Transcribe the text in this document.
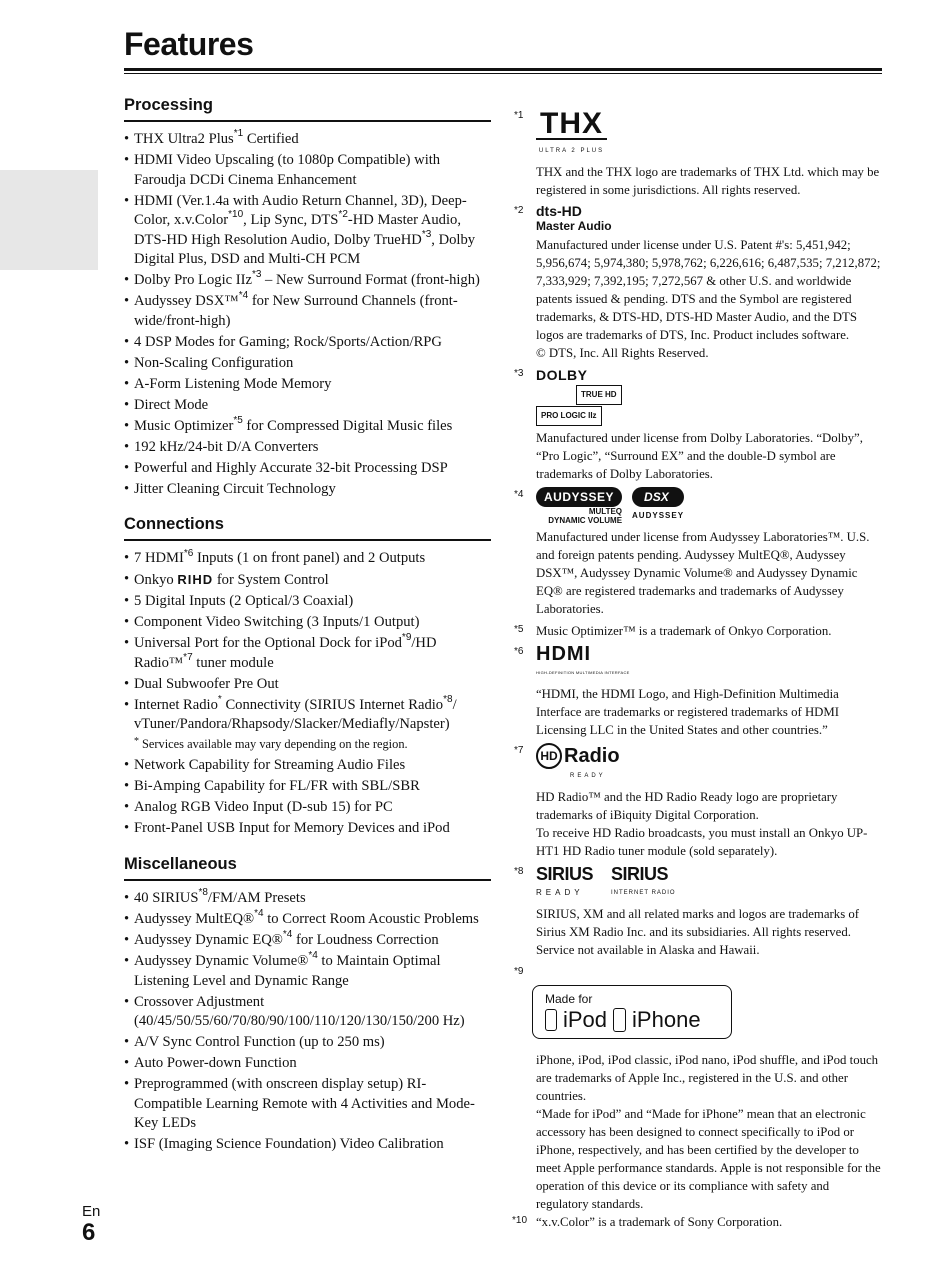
Features
Processing
• THX Ultra2 Plus$^{*1}$ Certified
• HDMI Video Upscaling (to 1080p Compatible) with Faroudja DCDi Cinema Enhancement
• HDMI (Ver.1.4a with Audio Return Channel, 3D), Deep-Color, x.v.Color$^{*10}$, Lip Sync, DTS$^{*2}$-HD Master Audio, DTS-HD High Resolution Audio, Dolby TrueHD$^{*3}$, Dolby Digital Plus, DSD and Multi-CH PCM
• Dolby Pro Logic IIz$^{*3}$ – New Surround Format (front-high)
• Audyssey DSX™$^{*4}$ for New Surround Channels (front-wide/front-high)
• 4 DSP Modes for Gaming; Rock/Sports/Action/RPG
• Non-Scaling Configuration
• A-Form Listening Mode Memory
• Direct Mode
• Music Optimizer$^{*5}$ for Compressed Digital Music files
• 192 kHz/24-bit D/A Converters
• Powerful and Highly Accurate 32-bit Processing DSP
• Jitter Cleaning Circuit Technology
Connections
• 7 HDMI$^{*6}$ Inputs (1 on front panel) and 2 Outputs
• Onkyo RIHD for System Control
• 5 Digital Inputs (2 Optical/3 Coaxial)
• Component Video Switching (3 Inputs/1 Output)
• Universal Port for the Optional Dock for iPod$^{*9}$/HD Radio™$^{*7}$ tuner module
• Dual Subwoofer Pre Out
• Internet Radio* Connectivity (SIRIUS Internet Radio$^{*8}$/ vTuner/Pandora/Rhapsody/Slacker/Mediafly/Napster)
* Services available may vary depending on the region.
• Network Capability for Streaming Audio Files
• Bi-Amping Capability for FL/FR with SBL/SBR
• Analog RGB Video Input (D-sub 15) for PC
• Front-Panel USB Input for Memory Devices and iPod
Miscellaneous
• 40 SIRIUS$^{*8}$/FM/AM Presets
• Audyssey MultEQ®$^{*4}$ to Correct Room Acoustic Problems
• Audyssey Dynamic EQ®$^{*4}$ for Loudness Correction
• Audyssey Dynamic Volume®$^{*4}$ to Maintain Optimal Listening Level and Dynamic Range
• Crossover Adjustment (40/45/50/55/60/70/80/90/100/110/120/130/150/200 Hz)
• A/V Sync Control Function (up to 250 ms)
• Auto Power-down Function
• Preprogrammed (with onscreen display setup) RI-Compatible Learning Remote with 4 Activities and Mode-Key LEDs
• ISF (Imaging Science Foundation) Video Calibration
*1 THX
ULTRA 2 PLUS

THX and the THX logo are trademarks of THX Ltd. which may be registered in some jurisdictions. All rights reserved.

*2 dts-HD
Master Audio

Manufactured under license under U.S. Patent #'s: 5,451,942; 5,956,674; 5,974,380; 5,978,762; 6,226,616; 6,487,535; 7,212,872; 7,333,929; 7,392,195; 7,272,567 & other U.S. and worldwide patents issued & pending. DTS and the Symbol are registered trademarks, & DTS-HD, DTS-HD Master Audio, and the DTS logos are trademarks of DTS, Inc. Product includes software.

© DTS, Inc. All Rights Reserved.

*3 DOLBY
TRUE HD
PRO LOGIC IIz

Manufactured under license from Dolby Laboratories. “Dolby”, “Pro Logic”, “Surround EX” and the double-D symbol are trademarks of Dolby Laboratories.

*4	AUDYSSEY
MULTEQ
DYNAMIC VOLUME
DSX
AUDYSSEY

Manufactured under license from Audyssey Laboratories™. U.S. and foreign patents pending. Audyssey MultEQ®, Audyssey DSX™, Audyssey Dynamic Volume® and Audyssey Dynamic EQ® are registered trademarks and trademarks of Audyssey Laboratories.

*5 Music Optimizer™ is a trademark of Onkyo Corporation.

*6 HDMI
HIGH-DEFINITION MULTIMEDIA INTERFACE

“HDMI, the HDMI Logo, and High-Definition Multimedia Interface are trademarks or registered trademarks of HDMI Licensing LLC in the United States and other countries.”

*7	HD Radio
READY

HD Radio™ and the HD Radio Ready logo are proprietary trademarks of iBiquity Digital Corporation.

To receive HD Radio broadcasts, you must install an Onkyo UP-HT1 HD Radio tuner module (sold separately).

*8 SIRIUS
READY
SIRIUS
INTERNET RADIO

SIRIUS, XM and all related marks and logos are trademarks of Sirius XM Radio Inc. and its subsidiaries. All rights reserved. Service not available in Alaska and Hawaii.

*9
Made for
iPod iPhone

iPhone, iPod, iPod classic, iPod nano, iPod shuffle, and iPod touch are trademarks of Apple Inc., registered in the U.S. and other countries.

“Made for iPod” and “Made for iPhone” mean that an electronic accessory has been designed to connect specifically to iPod or iPhone, respectively, and has been certified by the developer to meet Apple performance standards. Apple is not responsible for the operation of this device or its compliance with safety and regulatory standards.

*10 “x.v.Color” is a trademark of Sony Corporation.

En
6
